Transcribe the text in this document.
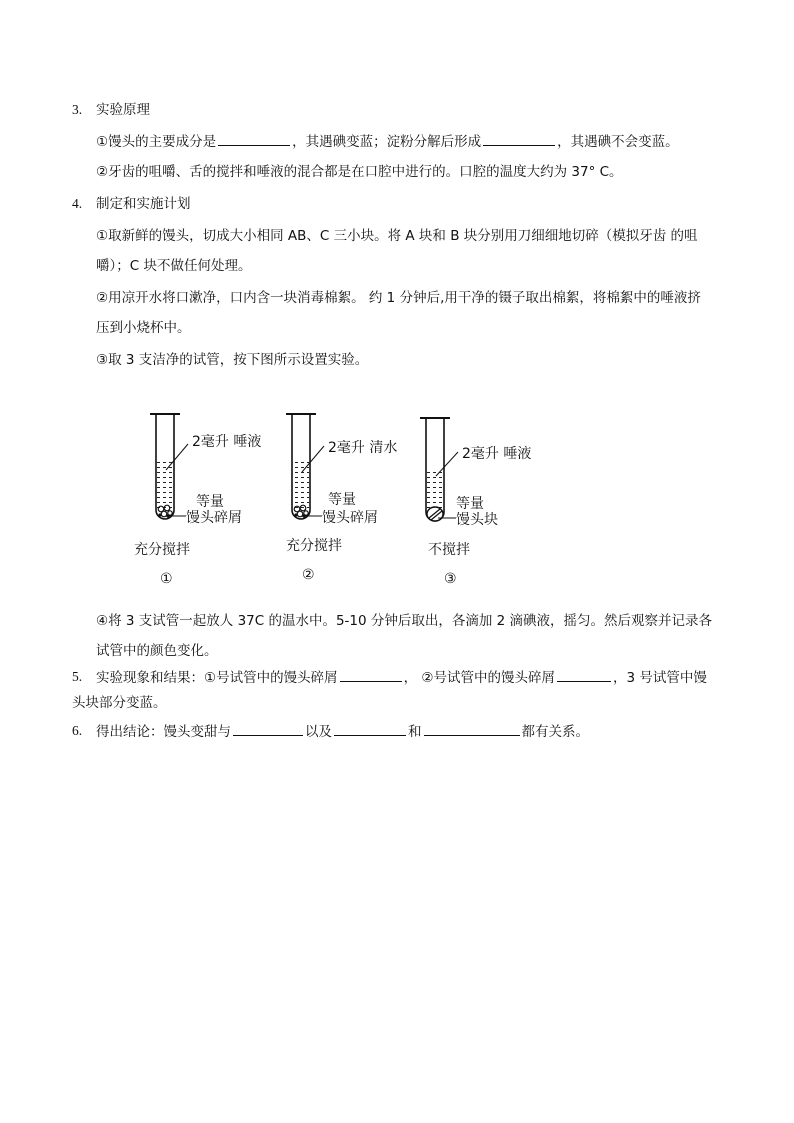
3. 实验原理
①馒头的主要成分是	，其遇碘变蓝；淀粉分解后形成	，其遇碘不会变蓝。
②牙齿的咀嚼、舌的搅拌和唾液的混合都是在口腔中进行的。口腔的温度大约为 37° C。
4. 制定和实施计划
①取新鲜的馒头，切成大小相同 AB、C 三小块。将 A 块和 B 块分别用刀细细地切碎（模拟牙齿 的咀
嚼）；C 块不做任何处理。
②用凉开水将口漱净，口内含一块消毒棉絮。 约 1 分钟后,用干净的镊子取出棉絮，将棉絮中的唾液挤
压到小烧杯中。
③取 3 支洁净的试管，按下图所示设置实验。
2毫升 唾液
等量
馒头碎屑
充分搅拌
①
2毫升 清水
等量
馒头碎屑
充分搅拌
②
2毫升 唾液
等量
馒头块
不搅拌
③
④将 3 支试管一起放人 37C 的温水中。5-10 分钟后取出，各滴加 2 滴碘液，摇匀。然后观察并记录各
试管中的颜色变化。
5. 实验现象和结果：①号试管中的馒头碎屑	， ②号试管中的馒头碎屑	，3 号试管中馒
头块部分变蓝。
6. 得出结论：馒头变甜与	以及	和	都有关系。
